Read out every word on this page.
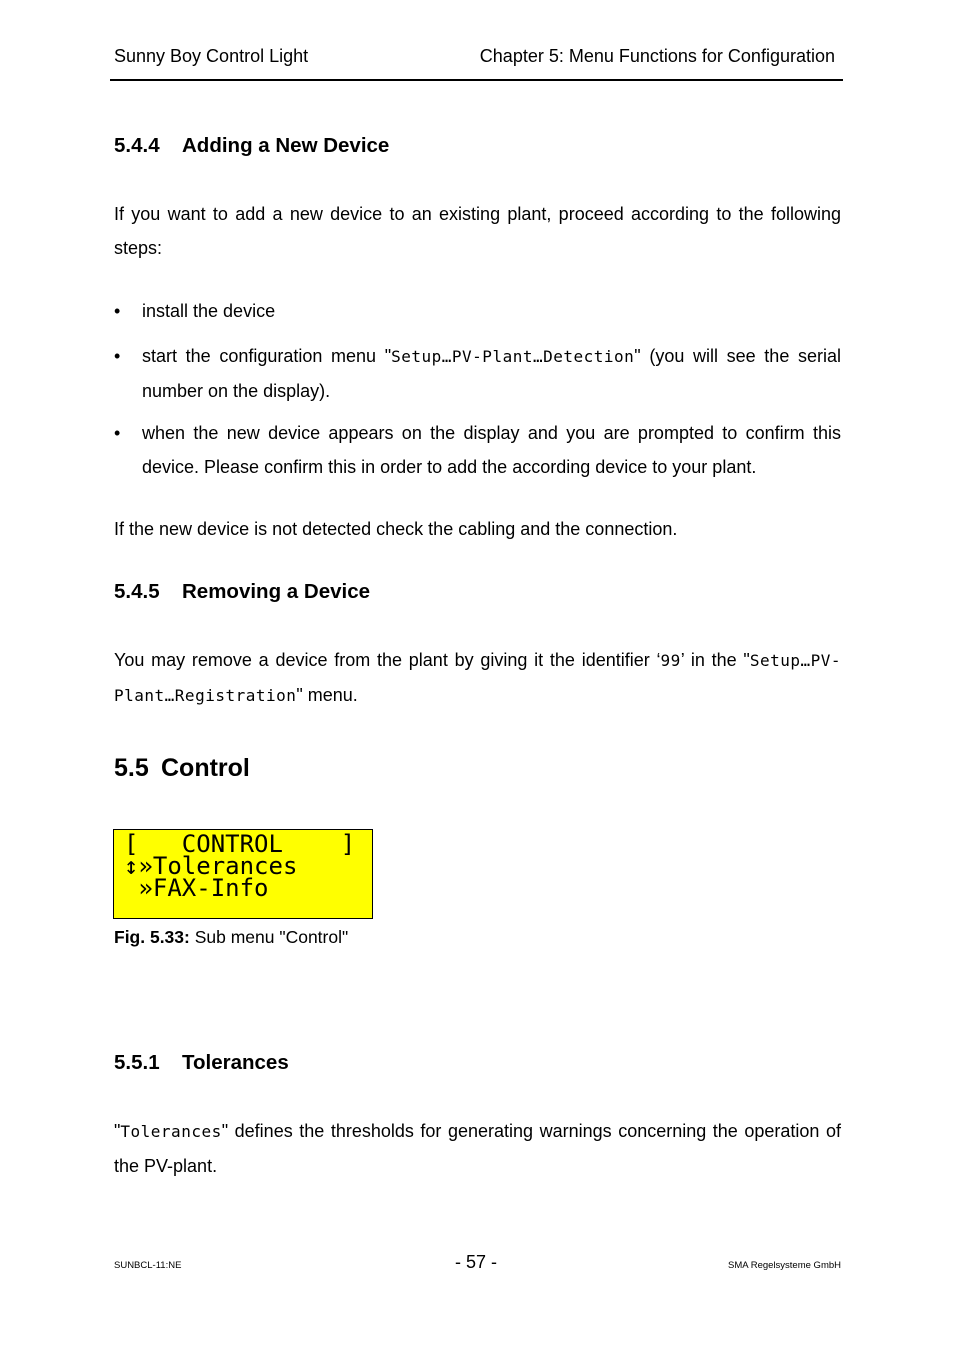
Sunny Boy Control Light	Chapter 5: Menu Functions for Configuration
5.4.4 Adding a New Device
If you want to add a new device to an existing plant, proceed according to the following steps:
•	install the device
•	start the configuration menu "Setup…PV-Plant…Detection" (you will see the serial number on the display).
•	when the new device appears on the display and you are prompted to confirm this device. Please confirm this in order to add the according device to your plant.
If the new device is not detected check the cabling and the connection.
5.4.5 Removing a Device
You may remove a device from the plant by giving it the identifier ‘99’ in the "Setup…PV-Plant…Registration" menu.
5.5 Control
[   CONTROL    ]
↕»Tolerances
»FAX-Info
Fig. 5.33: Sub menu "Control"
5.5.1 Tolerances
"Tolerances" defines the thresholds for generating warnings concerning the operation of the PV-plant.
SUNBCL-11:NE	- 57 -	SMA Regelsysteme GmbH
